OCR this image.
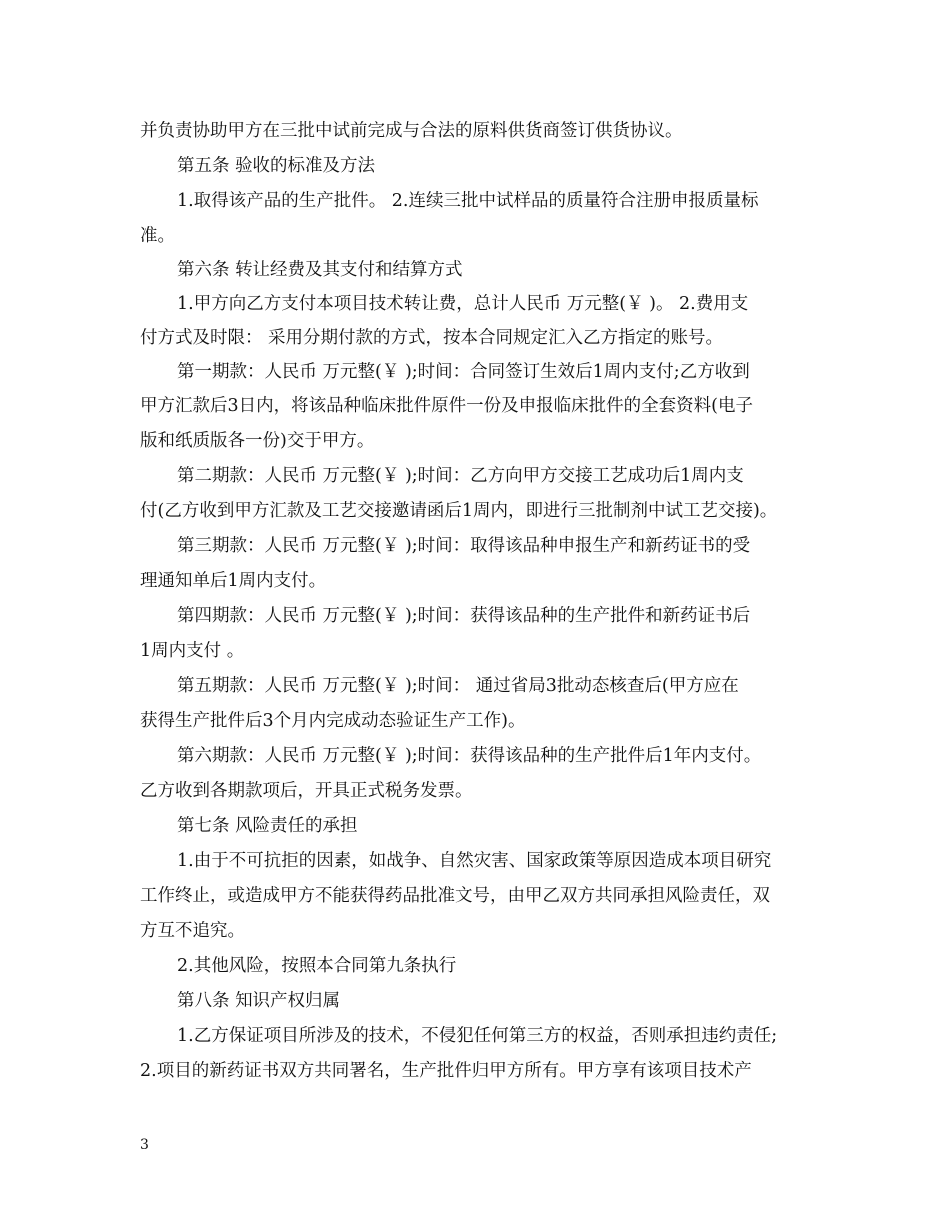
并负责协助甲方在三批中试前完成与合法的原料供货商签订供货协议。
第五条 验收的标准及方法
1.取得该产品的生产批件。 2.连续三批中试样品的质量符合注册申报质量标
准。
第六条 转让经费及其支付和结算方式
1.甲方向乙方支付本项目技术转让费，总计人民币 万元整(￥ )。 2.费用支
付方式及时限： 采用分期付款的方式，按本合同规定汇入乙方指定的账号。
第一期款：人民币 万元整(￥ );时间：合同签订生效后1周内支付;乙方收到
甲方汇款后3日内，将该品种临床批件原件一份及申报临床批件的全套资料(电子
版和纸质版各一份)交于甲方。
第二期款：人民币 万元整(￥ );时间：乙方向甲方交接工艺成功后1周内支
付(乙方收到甲方汇款及工艺交接邀请函后1周内，即进行三批制剂中试工艺交接)。
第三期款：人民币 万元整(￥ );时间：取得该品种申报生产和新药证书的受
理通知单后1周内支付。
第四期款：人民币 万元整(￥ );时间：获得该品种的生产批件和新药证书后
1周内支付 。
第五期款：人民币 万元整(￥ );时间： 通过省局3批动态核查后(甲方应在
获得生产批件后3个月内完成动态验证生产工作)。
第六期款：人民币 万元整(￥ );时间：获得该品种的生产批件后1年内支付。
乙方收到各期款项后，开具正式税务发票。
第七条 风险责任的承担
1.由于不可抗拒的因素，如战争、自然灾害、国家政策等原因造成本项目研究
工作终止，或造成甲方不能获得药品批准文号，由甲乙双方共同承担风险责任，双
方互不追究。
2.其他风险，按照本合同第九条执行
第八条 知识产权归属
1.乙方保证项目所涉及的技术，不侵犯任何第三方的权益，否则承担违约责任;
2.项目的新药证书双方共同署名，生产批件归甲方所有。甲方享有该项目技术产
3
